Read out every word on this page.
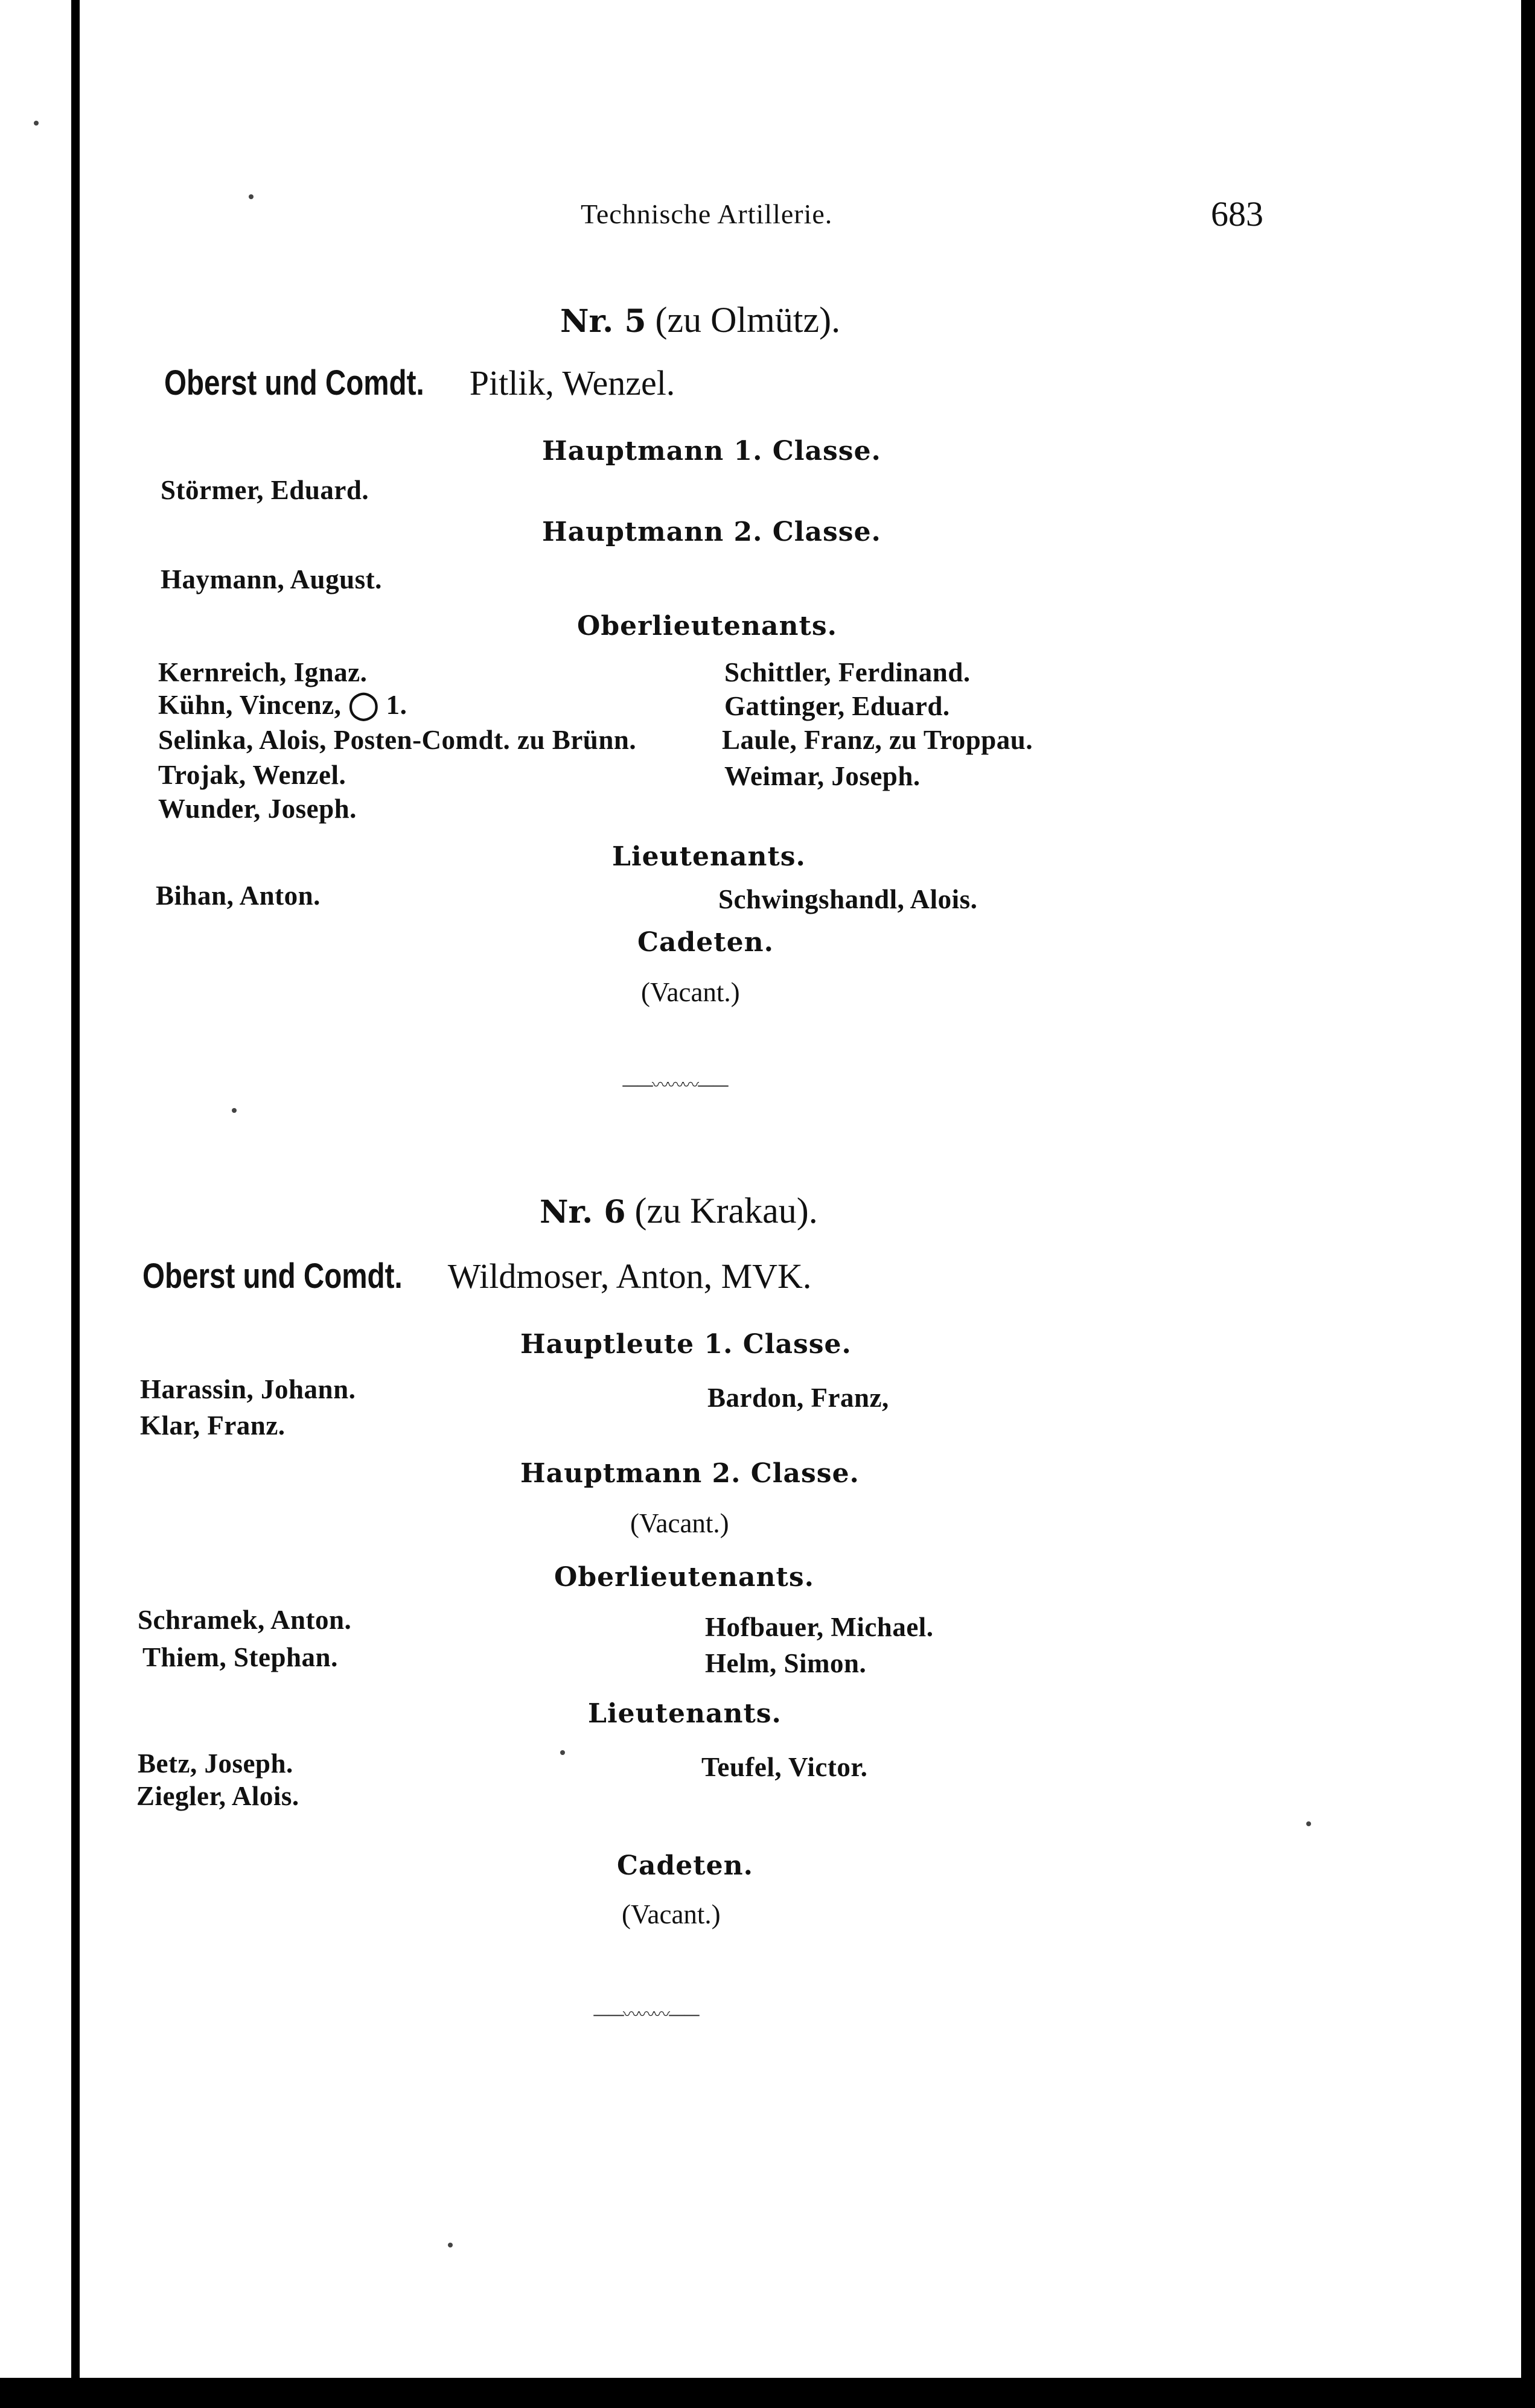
Technische Artillerie.	683
Nr. 5 (zu Olmütz).
Oberst und Comdt. Pitlik, Wenzel.
Hauptmann 1. Classe.
Störmer, Eduard.
Hauptmann 2. Classe.
Haymann, August.
Oberlieutenants.
Kernreich, Ignaz.
Kühn, Vincenz, ◯ 1.
Selinka, Alois, Posten-Comdt. zu Brünn.
Trojak, Wenzel.
Wunder, Joseph.
Schittler, Ferdinand.
Gattinger, Eduard.
Laule, Franz, zu Troppau.
Weimar, Joseph.
Lieutenants.
Bihan, Anton.	Schwingshandl, Alois.
Cadeten.
(Vacant.)
——〰〰〰——
Nr. 6 (zu Krakau).
Oberst und Comdt. Wildmoser, Anton, MVK.
Hauptleute 1. Classe.
Harassin, Johann.
Klar, Franz.
Bardon, Franz,
Hauptmann 2. Classe.
(Vacant.)
Oberlieutenants.
Schramek, Anton.
Thiem, Stephan.
Hofbauer, Michael.
Helm, Simon.
Lieutenants.
Betz, Joseph.
Ziegler, Alois.
Teufel, Victor.
Cadeten.
(Vacant.)
——〰〰〰——
